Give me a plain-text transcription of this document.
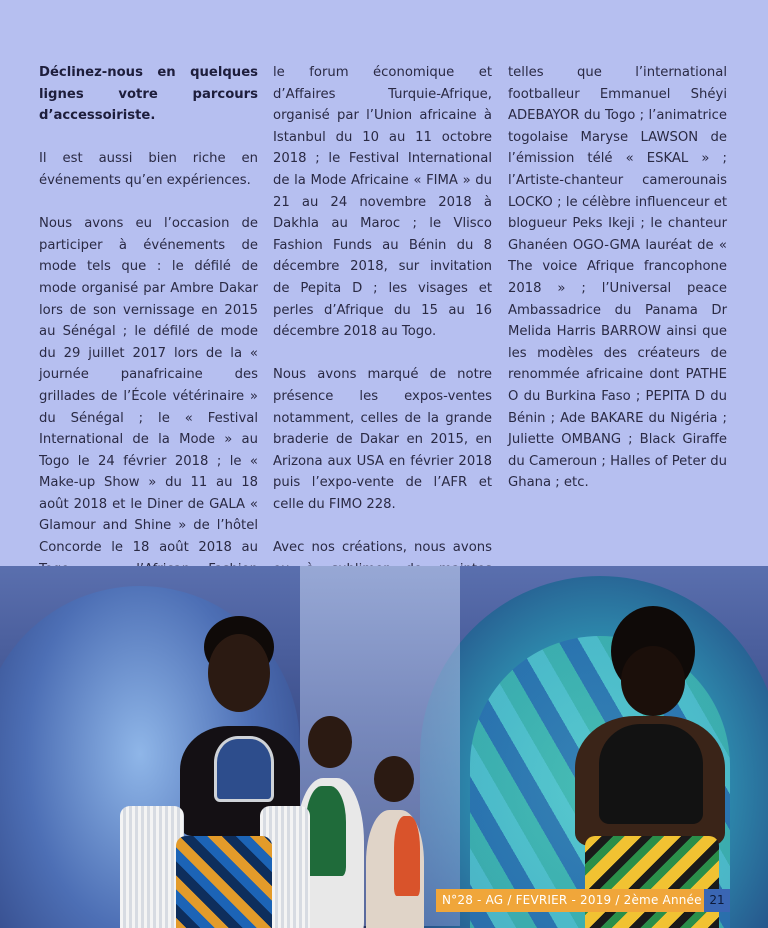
Déclinez-nous en quelques lignes votre parcours d’accessoiriste.

Il est aussi bien riche en événements qu’en expériences.

Nous avons eu l’occasion de participer à événements de mode tels que : le défilé de mode organisé par Ambre Dakar lors de son vernissage en 2015 au Sénégal ; le défilé de mode du 29 juillet 2017 lors de la « journée panafricaine des grillades de l’École vétérinaire » du Sénégal ; le « Festival International de la Mode » au Togo le 24 février 2018 ; le « Make-up Show » du 11 au 18 août 2018 et le Diner de GALA « Glamour and Shine » de l’hôtel Concorde le 18 août 2018 au

le forum économique et d’Affaires Turquie-Afrique, organisé par l’Union africaine à Istanbul du 10 au 11 octobre 2018 ; le Festival International de la Mode Africaine « FIMA » du 21 au 24 novembre 2018 à Dakhla au Maroc ; le Vlisco Fashion Funds au Bénin du 8 décembre 2018, sur invitation de Pepita D ; les visages et perles d’Afrique du 15 au 16 décembre 2018 au Togo.

Nous avons marqué de notre présence les expos-ventes notamment, celles de la grande braderie de Dakar en 2015, en Arizona aux USA en février 2018 puis l’expo-vente de l’AFR et celle du FIMO 228.

Avec nos créations, nous avons

telles que l’international footballeur Emmanuel Shéyi ADEBAYOR du Togo ; l’animatrice togolaise Maryse LAWSON de l’émission télé « ESKAL » ; l’Artiste-chanteur camerounais LOCKO ; le célèbre influenceur et blogueur Peks Ikeji ; le chanteur Ghanéen OGO-GMA lauréat de « The voice Afrique francophone 2018 » ; l’Universal peace Ambassadrice du Panama Dr Melida Harris BARROW ainsi que les modèles des créateurs de renommée africaine dont PATHE O du Burkina Faso ; PEPITA D du Bénin ; Ade BAKARE du Nigéria ; Juliette OMBANG ; Black Giraffe du Cameroun ; Halles of Peter du Ghana ; etc.

N°28 - AG / FEVRIER - 2019 / 2ème Année 21
